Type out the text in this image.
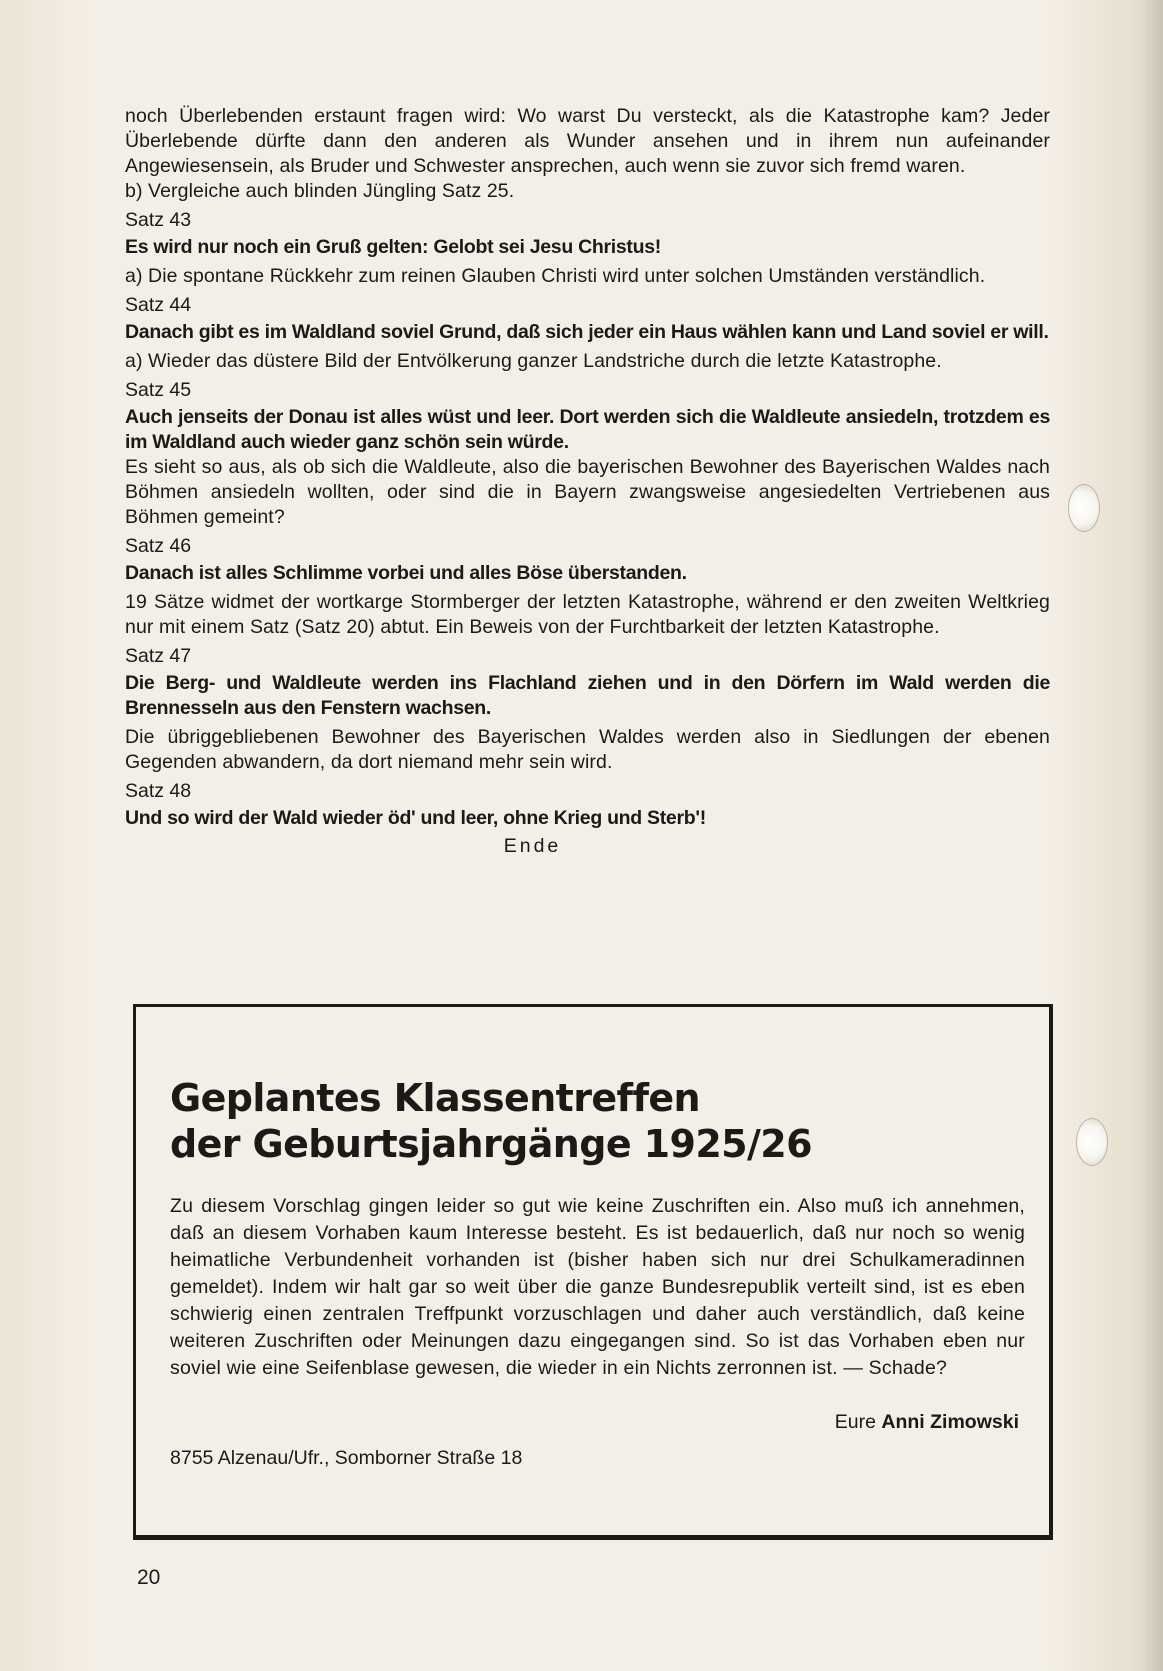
noch Überlebenden erstaunt fragen wird: Wo warst Du versteckt, als die Katastrophe kam? Jeder Überlebende dürfte dann den anderen als Wunder ansehen und in ihrem nun aufeinander Angewiesensein, als Bruder und Schwester ansprechen, auch wenn sie zuvor sich fremd waren.

b) Vergleiche auch blinden Jüngling Satz 25.

Satz 43

Es wird nur noch ein Gruß gelten: Gelobt sei Jesu Christus!

a) Die spontane Rückkehr zum reinen Glauben Christi wird unter solchen Umständen verständlich.

Satz 44

Danach gibt es im Waldland soviel Grund, daß sich jeder ein Haus wählen kann und Land soviel er will.

a) Wieder das düstere Bild der Entvölkerung ganzer Landstriche durch die letzte Katastrophe.

Satz 45

Auch jenseits der Donau ist alles wüst und leer. Dort werden sich die Waldleute ansiedeln, trotzdem es im Waldland auch wieder ganz schön sein würde.

Es sieht so aus, als ob sich die Waldleute, also die bayerischen Bewohner des Bayerischen Waldes nach Böhmen ansiedeln wollten, oder sind die in Bayern zwangsweise angesiedelten Vertriebenen aus Böhmen gemeint?

Satz 46

Danach ist alles Schlimme vorbei und alles Böse überstanden.

19 Sätze widmet der wortkarge Stormberger der letzten Katastrophe, während er den zweiten Weltkrieg nur mit einem Satz (Satz 20) abtut. Ein Beweis von der Furchtbarkeit der letzten Katastrophe.

Satz 47

Die Berg- und Waldleute werden ins Flachland ziehen und in den Dörfern im Wald werden die Brennesseln aus den Fenstern wachsen.

Die übriggebliebenen Bewohner des Bayerischen Waldes werden also in Siedlungen der ebenen Gegenden abwandern, da dort niemand mehr sein wird.

Satz 48

Und so wird der Wald wieder öd' und leer, ohne Krieg und Sterb'!

Ende

Geplantes Klassentreffen
der Geburtsjahrgänge 1925/26

Zu diesem Vorschlag gingen leider so gut wie keine Zuschriften ein. Also muß ich annehmen, daß an diesem Vorhaben kaum Interesse besteht. Es ist bedauerlich, daß nur noch so wenig heimatliche Verbundenheit vorhanden ist (bisher haben sich nur drei Schulkameradinnen gemeldet). Indem wir halt gar so weit über die ganze Bundesrepublik verteilt sind, ist es eben schwierig einen zentralen Treffpunkt vorzuschlagen und daher auch verständlich, daß keine weiteren Zuschriften oder Meinungen dazu eingegangen sind. So ist das Vorhaben eben nur soviel wie eine Seifenblase gewesen, die wieder in ein Nichts zerronnen ist. — Schade?

Eure Anni Zimowski

8755 Alzenau/Ufr., Somborner Straße 18

20
